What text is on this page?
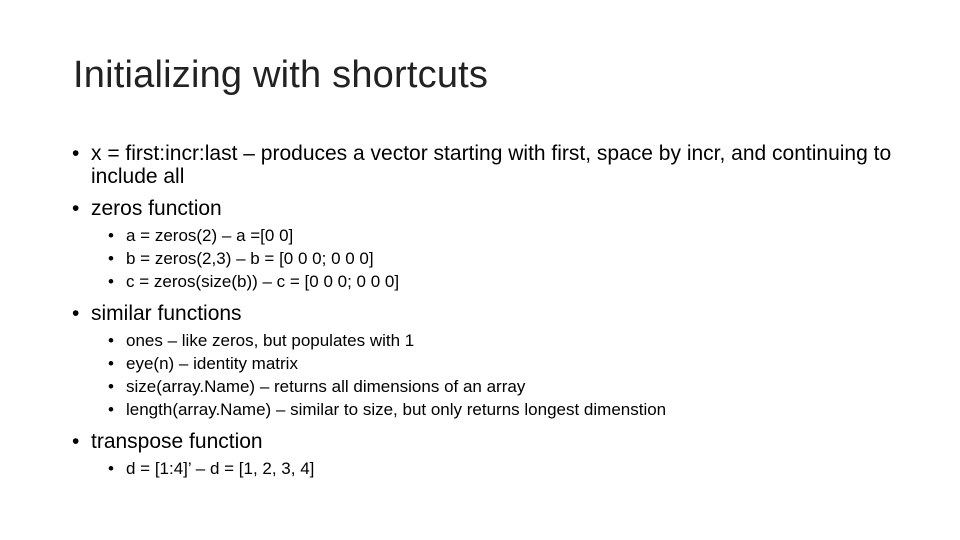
Initializing with shortcuts
• x = first:incr:last – produces a vector starting with first, space by incr, and continuing to include all
• zeros function
• a = zeros(2) – a =[0 0]
• b = zeros(2,3) – b = [0 0 0; 0 0 0]
• c = zeros(size(b)) – c = [0 0 0; 0 0 0]
• similar functions
• ones – like zeros, but populates with 1
• eye(n) – identity matrix
• size(array.Name) – returns all dimensions of an array
• length(array.Name) – similar to size, but only returns longest dimenstion
• transpose function
• d = [1:4]’ – d = [1, 2, 3, 4]
